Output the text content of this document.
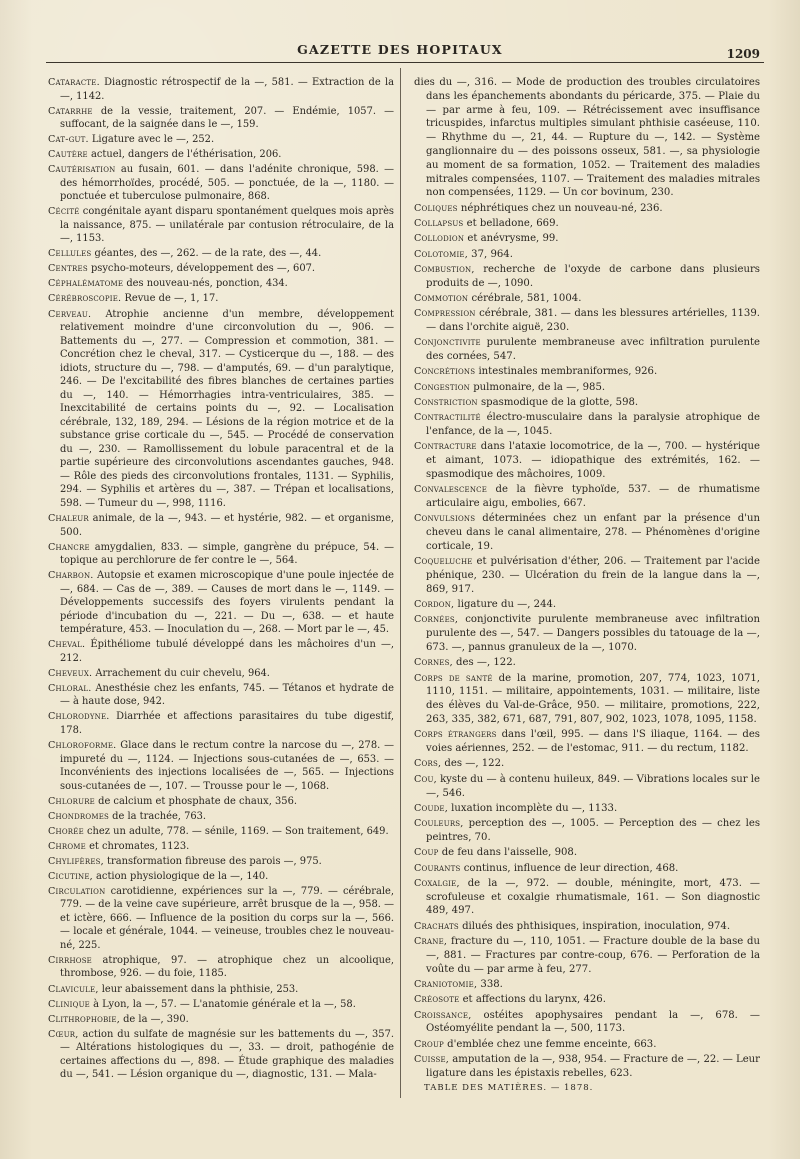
GAZETTE DES HOPITAUX	1209

Cataracte. Diagnostic rétrospectif de la —, 581. — Extraction de la —, 1142.

Catarrhe de la vessie, traitement, 207. — Endémie, 1057. — suffocant, de la saignée dans le —, 159.

Cat-gut. Ligature avec le —, 252.

Cautère actuel, dangers de l'éthérisation, 206.

Cautérisation au fusain, 601. — dans l'adénite chronique, 598. — des hémorrhoïdes, procédé, 505. — ponctuée, de la —, 1180. — ponctuée et tuberculose pulmonaire, 868.

Cécité congénitale ayant disparu spontanément quelques mois après la naissance, 875. — unilatérale par contusion rétroculaire, de la —, 1153.

Cellules géantes, des —, 262. — de la rate, des —, 44.

Centres psycho-moteurs, développement des —, 607.

Céphalématome des nouveau-nés, ponction, 434.

Cérébroscopie. Revue de —, 1, 17.

Cerveau. Atrophie ancienne d'un membre, développement relativement moindre d'une circonvolution du —, 906. — Battements du —, 277. — Compression et commotion, 381. — Concrétion chez le cheval, 317. — Cysticerque du —, 188. — des idiots, structure du —, 798. — d'amputés, 69. — d'un paralytique, 246. — De l'excitabilité des fibres blanches de certaines parties du —, 140. — Hémorrhagies intra-ventriculaires, 385. — Inexcitabilité de certains points du —, 92. — Localisation cérébrale, 132, 189, 294. — Lésions de la région motrice et de la substance grise corticale du —, 545. — Procédé de conservation du —, 230. — Ramollissement du lobule paracentral et de la partie supérieure des circonvolutions ascendantes gauches, 948. — Rôle des pieds des circonvolutions frontales, 1131. — Syphilis, 294. — Syphilis et artères du —, 387. — Trépan et localisations, 598. — Tumeur du —, 998, 1116.

Chaleur animale, de la —, 943. — et hystérie, 982. — et organisme, 500.

Chancre amygdalien, 833. — simple, gangrène du prépuce, 54. — topique au perchlorure de fer contre le —, 564.

Charbon. Autopsie et examen microscopique d'une poule injectée de —, 684. — Cas de —, 389. — Causes de mort dans le —, 1149. — Développements successifs des foyers virulents pendant la période d'incubation du —, 221. — Du —, 638. — et haute température, 453. — Inoculation du —, 268. — Mort par le —, 45.

Cheval. Épithéliome tubulé développé dans les mâchoires d'un —, 212.

Cheveux. Arrachement du cuir chevelu, 964.

Chloral. Anesthésie chez les enfants, 745. — Tétanos et hydrate de — à haute dose, 942.

Chlorodyne. Diarrhée et affections parasitaires du tube digestif, 178.

Chloroforme. Glace dans le rectum contre la narcose du —, 278. — impureté du —, 1124. — Injections sous-cutanées de —, 653. — Inconvénients des injections localisées de —, 565. — Injections sous-cutanées de —, 107. — Trousse pour le —, 1068.

Chlorure de calcium et phosphate de chaux, 356.

Chondromes de la trachée, 763.

Chorée chez un adulte, 778. — sénile, 1169. — Son traitement, 649.

Chrome et chromates, 1123.

Chylifères, transformation fibreuse des parois —, 975.

Cicutine, action physiologique de la —, 140.

Circulation carotidienne, expériences sur la —, 779. — cérébrale, 779. — de la veine cave supérieure, arrêt brusque de la —, 958. — et ictère, 666. — Influence de la position du corps sur la —, 566. — locale et générale, 1044. — veineuse, troubles chez le nouveau-né, 225.

Cirrhose atrophique, 97. — atrophique chez un alcoolique, thrombose, 926. — du foie, 1185.

Clavicule, leur abaissement dans la phthisie, 253.

Clinique à Lyon, la —, 57. — L'anatomie générale et la —, 58.

Clithrophobie, de la —, 390.

Cœur, action du sulfate de magnésie sur les battements du —, 357. — Altérations histologiques du —, 33. — droit, pathogénie de certaines affections du —, 898. — Étude graphique des maladies du —, 541. — Lésion organique du —, diagnostic, 131. — Mala-

dies du —, 316. — Mode de production des troubles circulatoires dans les épanchements abondants du péricarde, 375. — Plaie du — par arme à feu, 109. — Rétrécissement avec insuffisance tricuspides, infarctus multiples simulant phthisie caséeuse, 110. — Rhythme du —, 21, 44. — Rupture du —, 142. — Système ganglionnaire du — des poissons osseux, 581. —, sa physiologie au moment de sa formation, 1052. — Traitement des maladies mitrales compensées, 1107. — Traitement des maladies mitrales non compensées, 1129. — Un cor bovinum, 230.

Coliques néphrétiques chez un nouveau-né, 236.

Collapsus et belladone, 669.

Collodion et anévrysme, 99.

Colotomie, 37, 964.

Combustion, recherche de l'oxyde de carbone dans plusieurs produits de —, 1090.

Commotion cérébrale, 581, 1004.

Compression cérébrale, 381. — dans les blessures artérielles, 1139. — dans l'orchite aiguë, 230.

Conjonctivite purulente membraneuse avec infiltration purulente des cornées, 547.

Concrétions intestinales membraniformes, 926.

Congestion pulmonaire, de la —, 985.

Constriction spasmodique de la glotte, 598.

Contractilité électro-musculaire dans la paralysie atrophique de l'enfance, de la —, 1045.

Contracture dans l'ataxie locomotrice, de la —, 700. — hystérique et aimant, 1073. — idiopathique des extrémités, 162. — spasmodique des mâchoires, 1009.

Convalescence de la fièvre typhoïde, 537. — de rhumatisme articulaire aigu, embolies, 667.

Convulsions déterminées chez un enfant par la présence d'un cheveu dans le canal alimentaire, 278. — Phénomènes d'origine corticale, 19.

Coqueluche et pulvérisation d'éther, 206. — Traitement par l'acide phénique, 230. — Ulcération du frein de la langue dans la —, 869, 917.

Cordon, ligature du —, 244.

Cornées, conjonctivite purulente membraneuse avec infiltration purulente des —, 547. — Dangers possibles du tatouage de la —, 673. —, pannus granuleux de la —, 1070.

Cornes, des —, 122.

Corps de santé de la marine, promotion, 207, 774, 1023, 1071, 1110, 1151. — militaire, appointements, 1031. — militaire, liste des élèves du Val-de-Grâce, 950. — militaire, promotions, 222, 263, 335, 382, 671, 687, 791, 807, 902, 1023, 1078, 1095, 1158.

Corps étrangers dans l'œil, 995. — dans l'S iliaque, 1164. — des voies aériennes, 252. — de l'estomac, 911. — du rectum, 1182.

Cors, des —, 122.

Cou, kyste du — à contenu huileux, 849. — Vibrations locales sur le —, 546.

Coude, luxation incomplète du —, 1133.

Couleurs, perception des —, 1005. — Perception des — chez les peintres, 70.

Coup de feu dans l'aisselle, 908.

Courants continus, influence de leur direction, 468.

Coxalgie, de la —, 972. — double, méningite, mort, 473. — scrofuleuse et coxalgie rhumatismale, 161. — Son diagnostic 489, 497.

Crachats dilués des phthisiques, inspiration, inoculation, 974.

Crane, fracture du —, 110, 1051. — Fracture double de la base du —, 881. — Fractures par contre-coup, 676. — Perforation de la voûte du — par arme à feu, 277.

Craniotomie, 338.

Créosote et affections du larynx, 426.

Croissance, ostéites apophysaires pendant la —, 678. — Ostéomyélite pendant la —, 500, 1173.

Croup d'emblée chez une femme enceinte, 663.

Cuisse, amputation de la —, 938, 954. — Fracture de —, 22. — Leur ligature dans les épistaxis rebelles, 623.

TABLE DES MATIÈRES. — 1878.
